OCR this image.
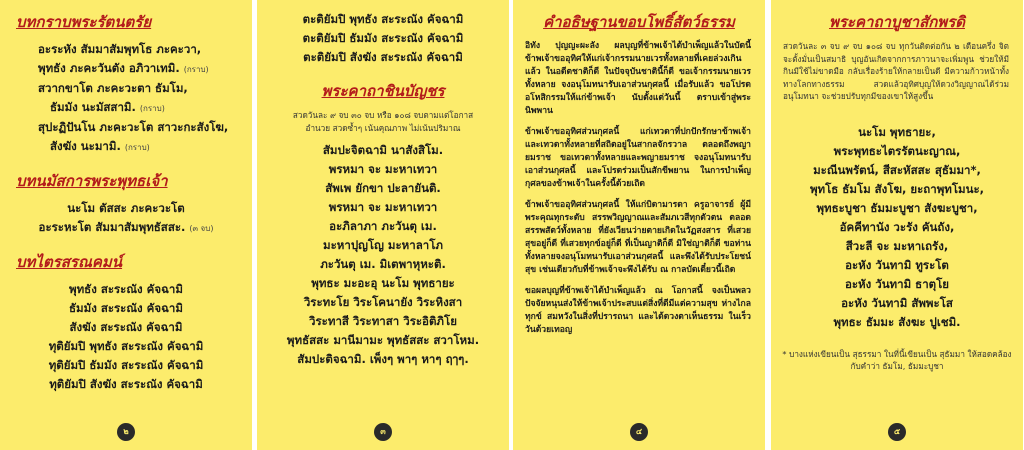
บทกราบพระรัตนตรัย
อะระหัง สัมมาสัมพุทโธ ภะคะวา,
พุทธัง ภะคะวันตัง อภิวาเทมิ. (กราบ)
สวากขาโต ภะคะวะตา ธัมโม,
ธัมมัง นะมัสสามิ. (กราบ)
สุปะฏิปันโน ภะคะวะโต สาวะกะสังโฆ,
สังฆัง นะมามิ. (กราบ)
บทนมัสการพระพุทธเจ้า
นะโม ตัสสะ ภะคะวะโต
อะระหะโต สัมมาสัมพุทธัสสะ. (๓ จบ)
บทไตรสรณคมน์
พุทธัง สะระณัง คัจฉามิ
ธัมมัง สะระณัง คัจฉามิ
สังฆัง สะระณัง คัจฉามิ
ทุติยัมปิ พุทธัง สะระณัง คัจฉามิ
ทุติยัมปิ ธัมมัง สะระณัง คัจฉามิ
ทุติยัมปิ สังฆัง สะระณัง คัจฉามิ
๒
ตะติยัมปิ พุทธัง สะระณัง คัจฉามิ
ตะติยัมปิ ธัมมัง สะระณัง คัจฉามิ
ตะติยัมปิ สังฆัง สะระณัง คัจฉามิ
พระคาถาชินบัญชร
สวดวันละ ๙ จบ ๓๐ จบ หรือ ๑๐๘ จบตามแต่โอกาส
อำนวย สวดซ้ำๆ เน้นคุณภาพ ไม่เน้นปริมาณ
สัมปะจิตฉามิ นาสังสิโม.
พรหมา จะ มะหาเทวา
สัพเพ ยักขา ปะลายันติ.
พรหมา จะ มะหาเทวา
อะภิลาภา ภะวันตุ เม.
มะหาปุญโญ มะหาลาโภ
ภะวันตุ เม. มิเตพาหุหะติ.
พุทธะ มะอะอุ นะโม พุทธายะ
วิระทะโย วิระโคนายัง วิระหิงสา
วิระทาสี วิระทาสา วิระอิติภิโย
พุทธัสสะ มานีมามะ พุทธัสสะ สวาโหม.
สัมปะติจฉามิ. เพ็งๆ พาๆ หาๆ ฤๅๆ.
๓
คำอธิษฐานขอบโพธิ์สัตว์ธรรม
อิทัง ปุญญะผะลัง ผลบุญที่ข้าพเจ้าได้บำเพ็ญแล้วในบัดนี้ ข้าพเจ้าขออุทิศให้แก่เจ้ากรรมนายเวรทั้งหลายที่เคยล่วงเกินแล้ว ในอดีตชาติก็ดี ในปัจจุบันชาตินี้ก็ดี ขอเจ้ากรรมนายเวรทั้งหลาย จงอนุโมทนารับเอาส่วนกุศลนี้ เมื่อรับแล้ว ขอโปรดอโหสิกรรมให้แก่ข้าพเจ้า นับตั้งแต่วันนี้ ตราบเข้าสู่พระนิพพาน
ข้าพเจ้าขออุทิศส่วนกุศลนี้ แก่เทวดาที่ปกปักรักษาข้าพเจ้า และเทวดาทั้งหลายที่สถิตอยู่ในสากลจักรวาล ตลอดถึงพญายมราช ขอเทวดาทั้งหลายและพญายมราช จงอนุโมทนารับเอาส่วนกุศลนี้ และโปรดร่วมเป็นสักขีพยาน ในการบำเพ็ญกุศลของข้าพเจ้าในครั้งนี้ด้วยเถิด
ข้าพเจ้าขออุทิศส่วนกุศลนี้ ให้แก่บิดามารดา ครูอาจารย์ ผู้มีพระคุณทุกระดับ สรรพวิญญาณและสัมภเวสีทุกตัวตน ตลอดสรรพสัตว์ทั้งหลาย ที่ยังเวียนว่ายตายเกิดในวัฏสงสาร ที่เสวยสุขอยู่ก็ดี ที่เสวยทุกข์อยู่ก็ดี ที่เป็นญาติก็ดี มิใช่ญาติก็ดี ขอท่านทั้งหลายจงอนุโมทนารับเอาส่วนกุศลนี้ และพึงได้รับประโยชน์สุข เช่นเดียวกับที่ข้าพเจ้าจะพึงได้รับ ณ กาลบัดเดี๋ยวนี้เถิด
ขอผลบุญที่ข้าพเจ้าได้บำเพ็ญแล้ว ณ โอกาสนี้ จงเป็นพลวปัจจัยหนุนส่งให้ข้าพเจ้าประสบแต่สิ่งที่ดีมีแต่ความสุข ห่างไกลทุกข์ สมหวังในสิ่งที่ปรารถนา และได้ดวงตาเห็นธรรม ในเร็ววันด้วยเทอญ
๔
พระคาถาบูชาสักพรดิ
สวดวันละ ๓ จบ ๙ จบ ๑๐๘ จบ ทุกวันติดต่อกัน ๒ เดือนครึ่ง จิตจะตั้งมั่นเป็นสมาธิ บุญอันเกิดจากการภาวนาจะเพิ่มพูน ช่วยให้มีกินมีใช้ไม่ขาดมือ กลับเรื่องร้ายให้กลายเป็นดี มีความก้าวหน้าทั้งทางโลกทางธรรม สวดแล้วอุทิศบุญให้ดวงวิญญาณได้ร่วมอนุโมทนา จะช่วยปรับทุกมีของเขาให้สูงขึ้น
นะโม พุทธายะ,
พระพุทธะไตรรัตนะญาณ,
มะณีนพรัตน์, สีสะหัสสะ สุธัมมา*,
พุทโธ ธัมโม สังโฆ, ยะถาพุทโมนะ,
พุทธะบูชา ธัมมะบูชา สังฆะบูชา,
อัคคีทานัง วะรัง คันถัง,
สีวะลี จะ มะหาเถรัง,
อะหัง วันทามิ ทูระโต
อะหัง วันทามิ ธาตุโย
อะหัง วันทามิ สัพพะโส
พุทธะ ธัมมะ สังฆะ ปูเชมิ.
* บางแห่งเขียนเป็น สุธรรมา ในที่นี้เขียนเป็น สุธัมมา ให้สอดคล้องกับคำว่า ธัมโม, ธัมมะบูชา
๕
